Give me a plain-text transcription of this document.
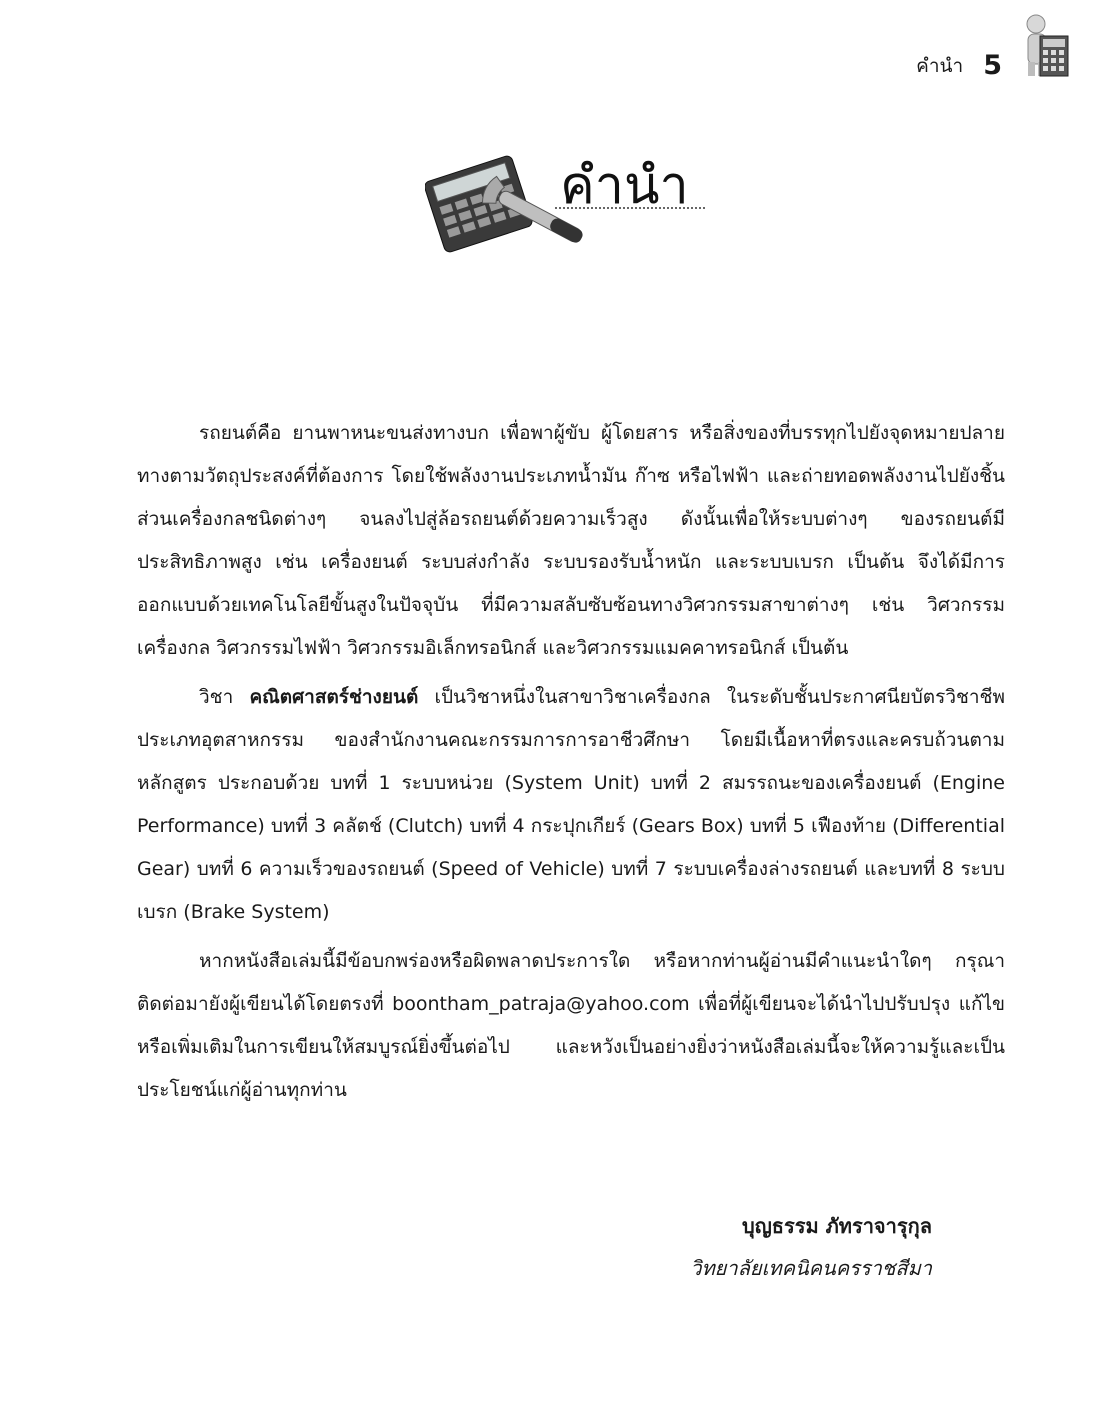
คำนำ 5
คำนำ

รถยนต์คือ ยานพาหนะขนส่งทางบก เพื่อพาผู้ขับ ผู้โดยสาร หรือสิ่งของที่บรรทุกไปยังจุดหมายปลายทางตามวัตถุประสงค์ที่ต้องการ โดยใช้พลังงานประเภทน้ำมัน ก๊าซ หรือไฟฟ้า และถ่ายทอดพลังงานไปยังชิ้นส่วนเครื่องกลชนิดต่างๆ จนลงไปสู่ล้อรถยนต์ด้วยความเร็วสูง ดังนั้นเพื่อให้ระบบต่างๆ ของรถยนต์มีประสิทธิภาพสูง เช่น เครื่องยนต์ ระบบส่งกำลัง ระบบรองรับน้ำหนัก และระบบเบรก เป็นต้น จึงได้มีการออกแบบด้วยเทคโนโลยีขั้นสูงในปัจจุบัน ที่มีความสลับซับซ้อนทางวิศวกรรมสาขาต่างๆ เช่น วิศวกรรมเครื่องกล วิศวกรรมไฟฟ้า วิศวกรรมอิเล็กทรอนิกส์ และวิศวกรรมแมคคาทรอนิกส์ เป็นต้น

วิชา คณิตศาสตร์ช่างยนต์ เป็นวิชาหนึ่งในสาขาวิชาเครื่องกล ในระดับชั้นประกาศนียบัตรวิชาชีพ ประเภทอุตสาหกรรม ของสำนักงานคณะกรรมการการอาชีวศึกษา โดยมีเนื้อหาที่ตรงและครบถ้วนตามหลักสูตร ประกอบด้วย บทที่ 1 ระบบหน่วย (System Unit) บทที่ 2 สมรรถนะของเครื่องยนต์ (Engine Performance) บทที่ 3 คลัตช์ (Clutch) บทที่ 4 กระปุกเกียร์ (Gears Box) บทที่ 5 เฟืองท้าย (Differential Gear) บทที่ 6 ความเร็วของรถยนต์ (Speed of Vehicle) บทที่ 7 ระบบเครื่องล่างรถยนต์ และบทที่ 8 ระบบเบรก (Brake System)

หากหนังสือเล่มนี้มีข้อบกพร่องหรือผิดพลาดประการใด หรือหากท่านผู้อ่านมีคำแนะนำใดๆ กรุณาติดต่อมายังผู้เขียนได้โดยตรงที่ boontham_patraja@yahoo.com เพื่อที่ผู้เขียนจะได้นำไปปรับปรุง แก้ไข หรือเพิ่มเติมในการเขียนให้สมบูรณ์ยิ่งขึ้นต่อไป และหวังเป็นอย่างยิ่งว่าหนังสือเล่มนี้จะให้ความรู้และเป็นประโยชน์แก่ผู้อ่านทุกท่าน

บุญธรรม ภัทราจารุกุล
วิทยาลัยเทคนิคนครราชสีมา
